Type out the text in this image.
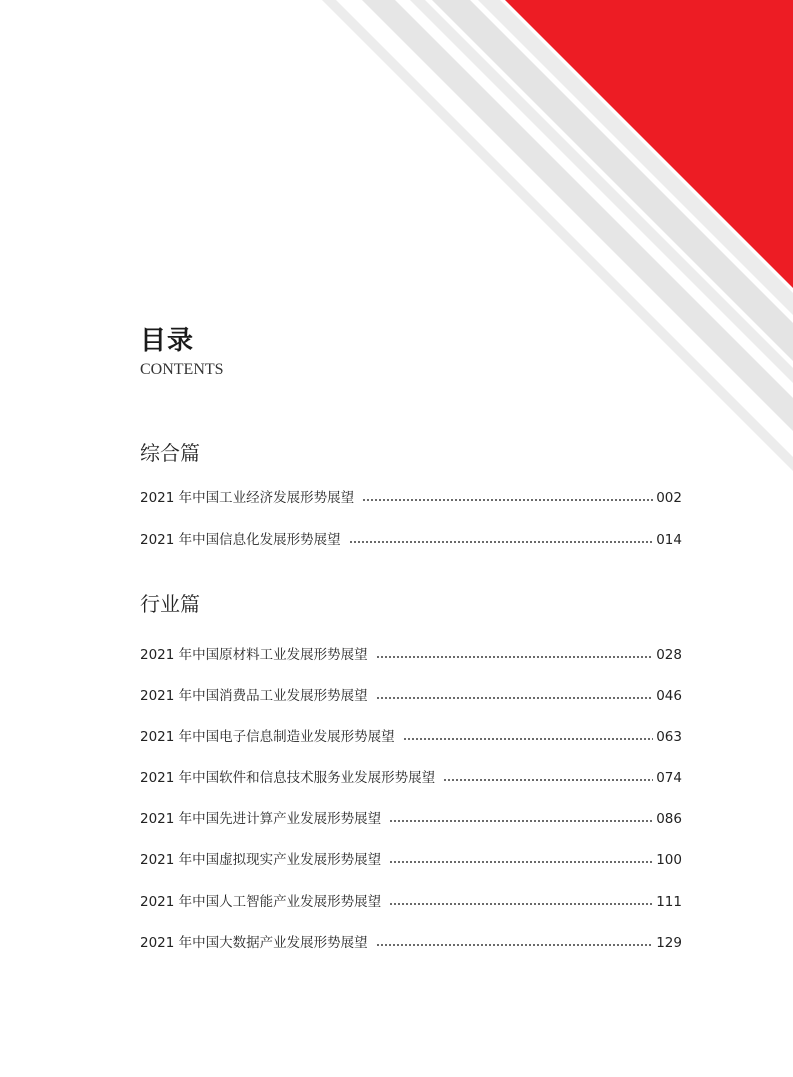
目录
CONTENTS
综合篇
2021 年中国工业经济发展形势展望	002
2021 年中国信息化发展形势展望	014
行业篇
2021 年中国原材料工业发展形势展望	028
2021 年中国消费品工业发展形势展望	046
2021 年中国电子信息制造业发展形势展望	063
2021 年中国软件和信息技术服务业发展形势展望	074
2021 年中国先进计算产业发展形势展望	086
2021 年中国虚拟现实产业发展形势展望	100
2021 年中国人工智能产业发展形势展望	111
2021 年中国大数据产业发展形势展望	129
